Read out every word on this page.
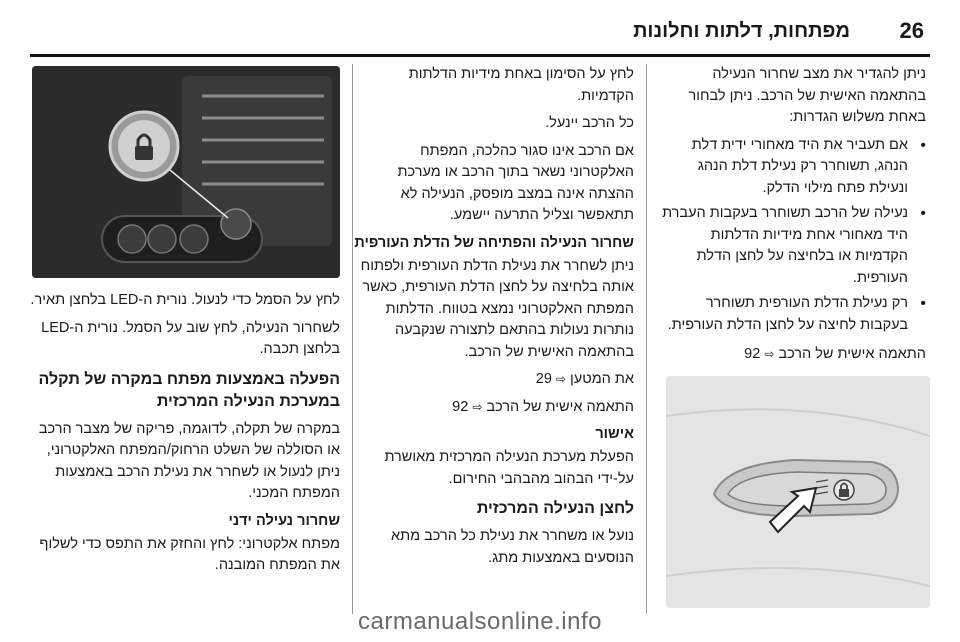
26
מפתחות, דלתות וחלונות

ניתן להגדיר את מצב שחרור הנעילה בהתאמה האישית של הרכב. ניתן לבחור באחת משלוש הגדרות:

• אם תעביר את היד מאחורי ידית דלת הנהג, תשוחרר רק נעילת דלת הנהג ונעילת פתח מילוי הדלק.
• נעילה של הרכב תשוחרר בעקבות העברת היד מאחורי אחת מידיות הדלתות הקדמיות או בלחיצה על לחצן הדלת העורפית.
• רק נעילת הדלת העורפית תשוחרר בעקבות לחיצה על לחצן הדלת העורפית.

התאמה אישית של הרכב ⇨ 92

לחץ על הסימון באחת מידיות הדלתות הקדמיות.

כל הרכב יינעל.

אם הרכב אינו סגור כהלכה, המפתח האלקטרוני נשאר בתוך הרכב או מערכת ההצתה אינה במצב מופסק, הנעילה לא תתאפשר וצליל התרעה יישמע.

שחרור הנעילה והפתיחה של הדלת העורפית

ניתן לשחרר את נעילת הדלת העורפית ולפתוח אותה בלחיצה על לחצן הדלת העורפית, כאשר המפתח האלקטרוני נמצא בטווח. הדלתות נותרות נעולות בהתאם לתצורה שנקבעה בהתאמה האישית של הרכב.

את המטען ⇨ 29

התאמה אישית של הרכב ⇨ 92

אישור

הפעלת מערכת הנעילה המרכזית מאושרת על-ידי הבהוב מהבהבי החירום.

לחצן הנעילה המרכזית

נועל או משחרר את נעילת כל הרכב מתא הנוסעים באמצעות מתג.

לחץ על הסמל כדי לנעול. נורית ה-LED בלחצן תאיר.

לשחרור הנעילה, לחץ שוב על הסמל. נורית ה-LED בלחצן תכבה.

הפעלה באמצעות מפתח במקרה של תקלה במערכת הנעילה המרכזית

במקרה של תקלה, לדוגמה, פריקה של מצבר הרכב או הסוללה של השלט הרחוק/המפתח האלקטרוני, ניתן לנעול או לשחרר את נעילת הרכב באמצעות המפתח המכני.

שחרור נעילה ידני

מפתח אלקטרוני: לחץ והחזק את התפס כדי לשלוף את המפתח המובנה.

carmanualsonline.info
